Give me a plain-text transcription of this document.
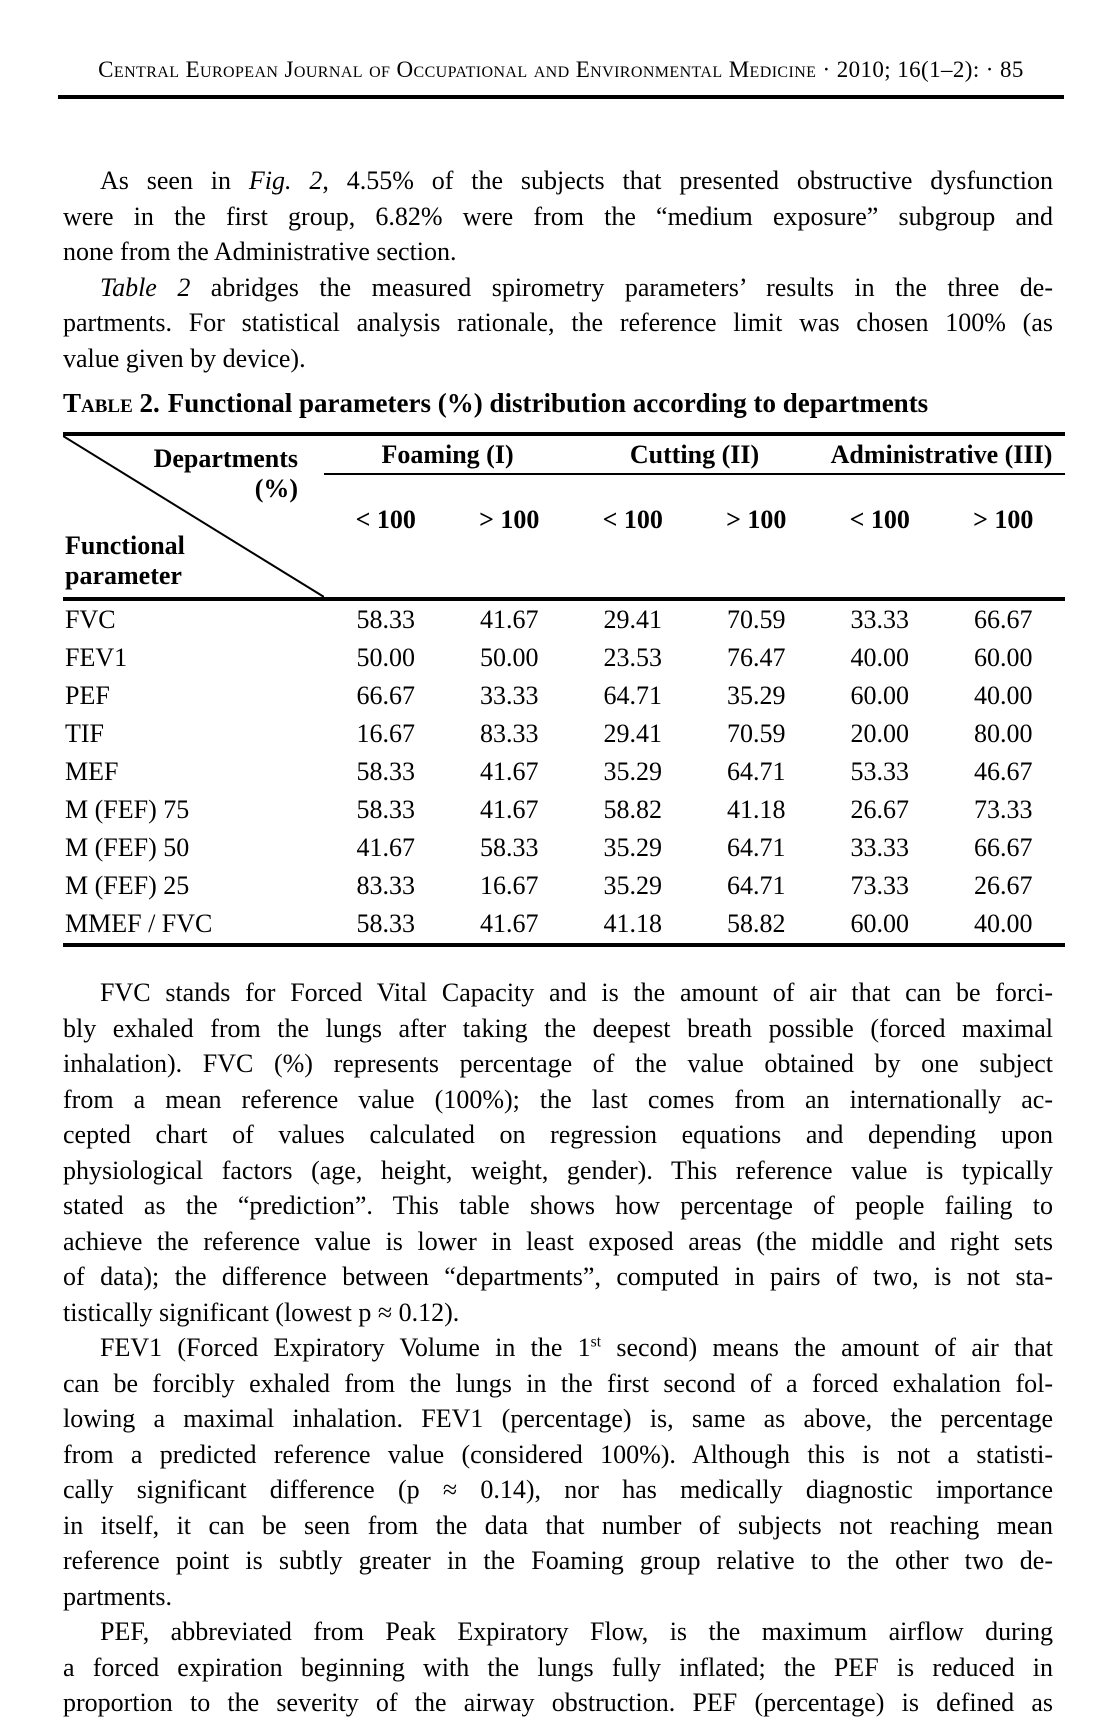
Central European Journal of Occupational and Environmental Medicine · 2010; 16(1–2): · 85
As seen in Fig. 2, 4.55% of the subjects that presented obstructive dysfunction
were in the first group, 6.82% were from the “medium exposure” subgroup and
none from the Administrative section.
Table 2 abridges the measured spirometry parameters’ results in the three de-
partments. For statistical analysis rationale, the reference limit was chosen 100% (as
value given by device).
Table 2. Functional parameters (%) distribution according to departments
Departments
(%)
Functional parameter	Foaming (I)		Cutting (II)		Administrative (III)	
	< 100	> 100	< 100	> 100	< 100	> 100
FVC	58.33	41.67	29.41	70.59	33.33	66.67
FEV1	50.00	50.00	23.53	76.47	40.00	60.00
PEF	66.67	33.33	64.71	35.29	60.00	40.00
TIF	16.67	83.33	29.41	70.59	20.00	80.00
MEF	58.33	41.67	35.29	64.71	53.33	46.67
M (FEF) 75	58.33	41.67	58.82	41.18	26.67	73.33
M (FEF) 50	41.67	58.33	35.29	64.71	33.33	66.67
M (FEF) 25	83.33	16.67	35.29	64.71	73.33	26.67
MMEF / FVC	58.33	41.67	41.18	58.82	60.00	40.00
FVC stands for Forced Vital Capacity and is the amount of air that can be forci-
bly exhaled from the lungs after taking the deepest breath possible (forced maximal
inhalation). FVC (%) represents percentage of the value obtained by one subject
from a mean reference value (100%); the last comes from an internationally ac-
cepted chart of values calculated on regression equations and depending upon
physiological factors (age, height, weight, gender). This reference value is typically
stated as the “prediction”. This table shows how percentage of people failing to
achieve the reference value is lower in least exposed areas (the middle and right sets
of data); the difference between “departments”, computed in pairs of two, is not sta-
tistically significant (lowest p ≈ 0.12).
FEV1 (Forced Expiratory Volume in the 1st second) means the amount of air that
can be forcibly exhaled from the lungs in the first second of a forced exhalation fol-
lowing a maximal inhalation. FEV1 (percentage) is, same as above, the percentage
from a predicted reference value (considered 100%). Although this is not a statisti-
cally significant difference (p ≈ 0.14), nor has medically diagnostic importance
in itself, it can be seen from the data that number of subjects not reaching mean
reference point is subtly greater in the Foaming group relative to the other two de-
partments.
PEF, abbreviated from Peak Expiratory Flow, is the maximum airflow during
a forced expiration beginning with the lungs fully inflated; the PEF is reduced in
proportion to the severity of the airway obstruction. PEF (percentage) is defined as
